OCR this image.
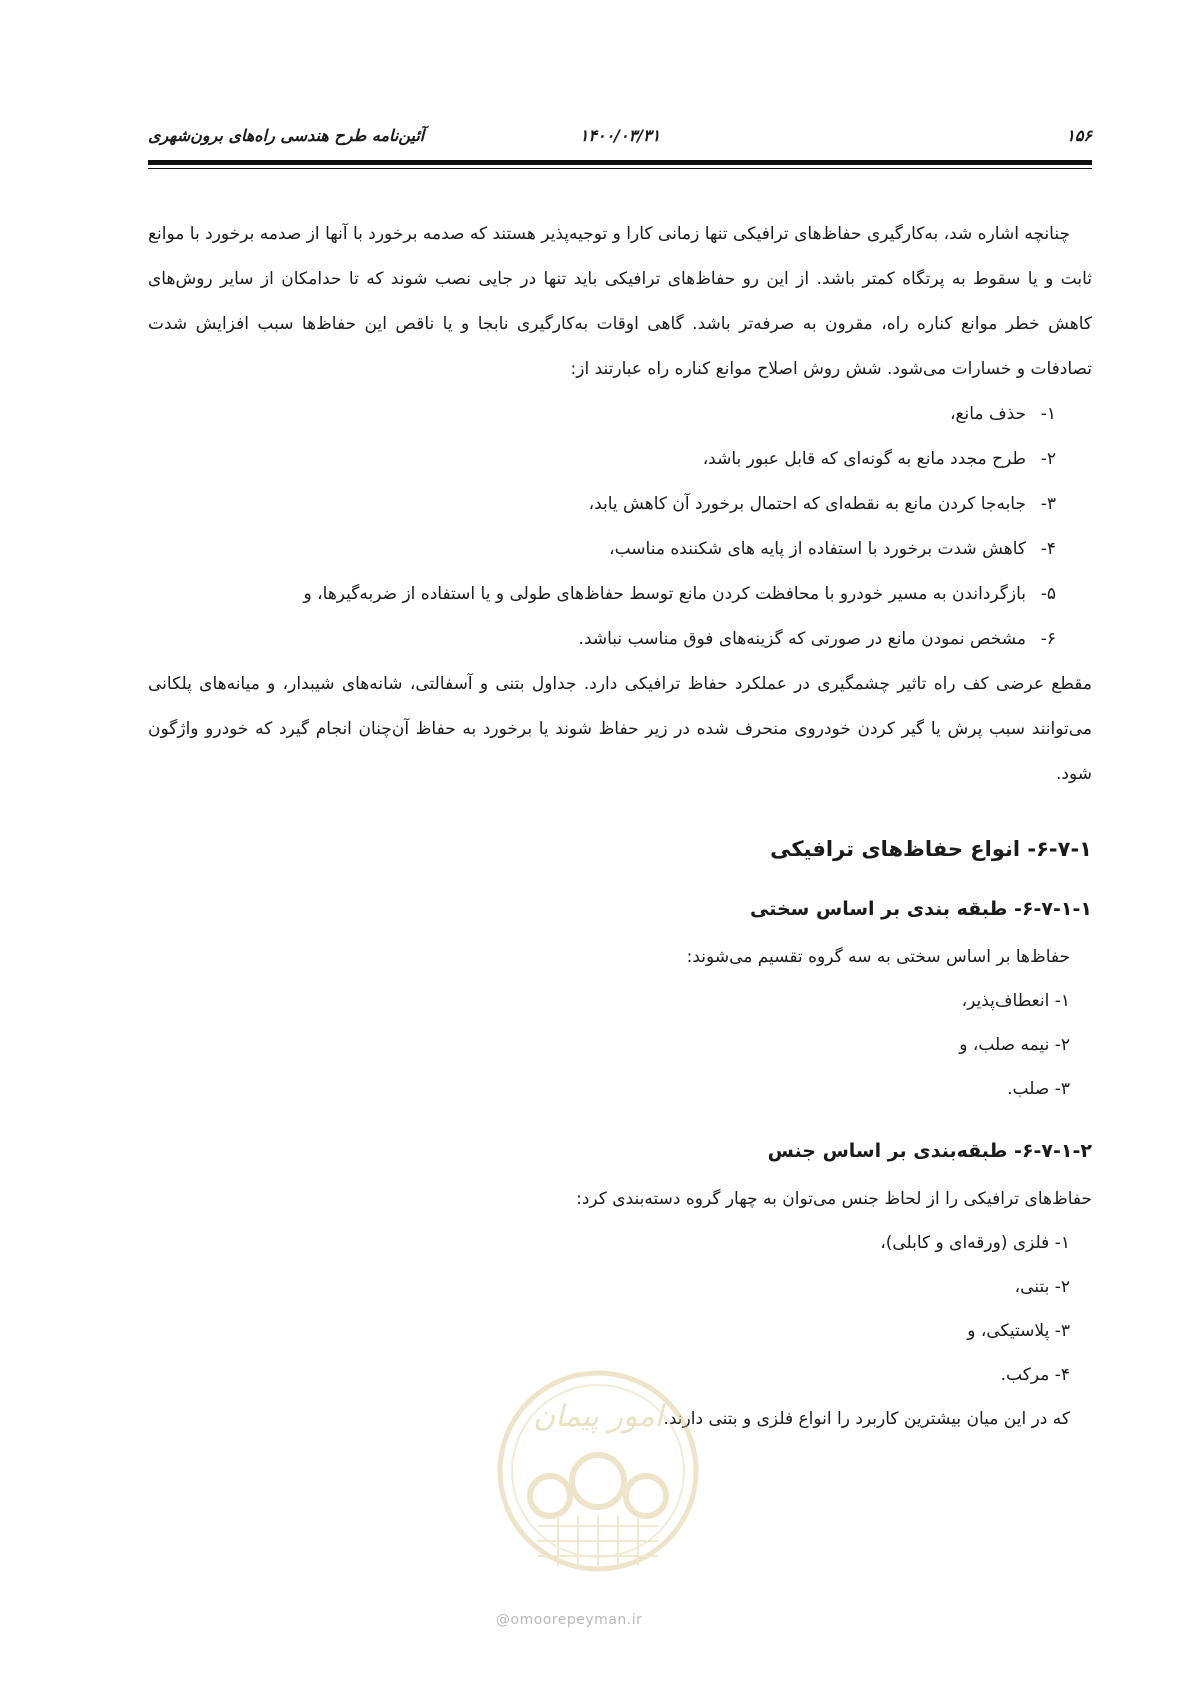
۱۵۶
۱۴۰۰/۰۳/۳۱
آئین‌نامه طرح هندسی راه‌های برون‌شهری

چنانچه اشاره شد، به‌کارگیری حفاظ‌های ترافیکی تنها زمانی کارا و توجیه‌پذیر هستند که صدمه برخورد با آنها از صدمه برخورد با موانع ثابت و یا سقوط به پرتگاه کمتر باشد. از این رو حفاظ‌های ترافیکی باید تنها در جایی نصب شوند که تا حدامکان از سایر روش‌های کاهش خطر موانع کناره راه، مقرون به صرفه‌تر باشد. گاهی اوقات به‌کارگیری نابجا و یا ناقص این حفاظ‌ها سبب افزایش شدت تصادفات و خسارات می‌شود. شش روش اصلاح موانع کناره راه عبارتند از:

۱-حذف مانع،
۲-طرح مجدد مانع به گونه‌ای که قابل عبور باشد،
۳-جابه‌جا کردن مانع به نقطه‌ای که احتمال برخورد آن کاهش یابد،
۴-کاهش شدت برخورد با استفاده از پایه های شکننده مناسب،
۵-بازگرداندن به مسیر خودرو با محافظت کردن مانع توسط حفاظ‌های طولی و یا استفاده از ضربه‌گیرها، و
۶-مشخص نمودن مانع در صورتی که گزینه‌های فوق مناسب نباشد.

مقطع عرضی کف راه تاثیر چشمگیری در عملکرد حفاظ ترافیکی دارد. جداول بتنی و آسفالتی، شانه‌های شیبدار، و میانه‌های پلکانی می‌توانند سبب پرش یا گیر کردن خودروی منحرف شده در زیر حفاظ شوند یا برخورد به حفاظ آن‌چنان انجام گیرد که خودرو واژگون شود.

۶-۷-۱- انواع حفاظ‌های ترافیکی
۶-۷-۱-۱- طبقه بندی بر اساس سختی

حفاظ‌ها بر اساس سختی به سه گروه تقسیم می‌شوند:

۱- انعطاف‌پذیر،
۲- نیمه صلب، و
۳- صلب.
۶-۷-۱-۲- طبقه‌بندی بر اساس جنس

حفاظ‌های ترافیکی را از لحاظ جنس می‌توان به چهار گروه دسته‌بندی کرد:

۱- فلزی (ورقه‌ای و کابلی)،
۲- بتنی،
۳- پلاستیکی، و
۴- مرکب.

که در این میان بیشترین کاربرد را انواع فلزی و بتنی دارند.

امور پیمان
@omoorepeyman.ir
